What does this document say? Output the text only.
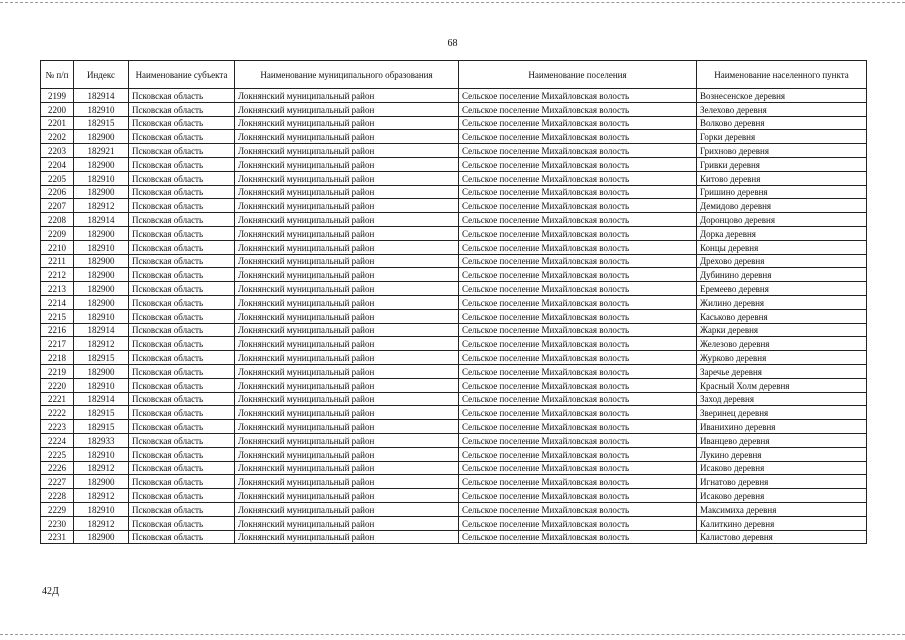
68
№ п/п	Индекс	Наименование субъекта	Наименование муниципального образования	Наименование поселения	Наименование населенного пункта
2199	182914	Псковская область	Локнянский муниципальный район	Сельское поселение Михайловская волость	Вознесенское деревня
2200	182910	Псковская область	Локнянский муниципальный район	Сельское поселение Михайловская волость	Зелехово деревня
2201	182915	Псковская область	Локнянский муниципальный район	Сельское поселение Михайловская волость	Волково деревня
2202	182900	Псковская область	Локнянский муниципальный район	Сельское поселение Михайловская волость	Горки деревня
2203	182921	Псковская область	Локнянский муниципальный район	Сельское поселение Михайловская волость	Грихново деревня
2204	182900	Псковская область	Локнянский муниципальный район	Сельское поселение Михайловская волость	Гривки деревня
2205	182910	Псковская область	Локнянский муниципальный район	Сельское поселение Михайловская волость	Китово деревня
2206	182900	Псковская область	Локнянский муниципальный район	Сельское поселение Михайловская волость	Гришино деревня
2207	182912	Псковская область	Локнянский муниципальный район	Сельское поселение Михайловская волость	Демидово деревня
2208	182914	Псковская область	Локнянский муниципальный район	Сельское поселение Михайловская волость	Доронцово деревня
2209	182900	Псковская область	Локнянский муниципальный район	Сельское поселение Михайловская волость	Дорка деревня
2210	182910	Псковская область	Локнянский муниципальный район	Сельское поселение Михайловская волость	Концы деревня
2211	182900	Псковская область	Локнянский муниципальный район	Сельское поселение Михайловская волость	Дрехово деревня
2212	182900	Псковская область	Локнянский муниципальный район	Сельское поселение Михайловская волость	Дубинино деревня
2213	182900	Псковская область	Локнянский муниципальный район	Сельское поселение Михайловская волость	Еремеево деревня
2214	182900	Псковская область	Локнянский муниципальный район	Сельское поселение Михайловская волость	Жилино деревня
2215	182910	Псковская область	Локнянский муниципальный район	Сельское поселение Михайловская волость	Каськово деревня
2216	182914	Псковская область	Локнянский муниципальный район	Сельское поселение Михайловская волость	Жарки деревня
2217	182912	Псковская область	Локнянский муниципальный район	Сельское поселение Михайловская волость	Железово деревня
2218	182915	Псковская область	Локнянский муниципальный район	Сельское поселение Михайловская волость	Журково деревня
2219	182900	Псковская область	Локнянский муниципальный район	Сельское поселение Михайловская волость	Заречье деревня
2220	182910	Псковская область	Локнянский муниципальный район	Сельское поселение Михайловская волость	Красный Холм деревня
2221	182914	Псковская область	Локнянский муниципальный район	Сельское поселение Михайловская волость	Заход деревня
2222	182915	Псковская область	Локнянский муниципальный район	Сельское поселение Михайловская волость	Звеpинец деревня
2223	182915	Псковская область	Локнянский муниципальный район	Сельское поселение Михайловская волость	Иванихино деревня
2224	182933	Псковская область	Локнянский муниципальный район	Сельское поселение Михайловская волость	Иванцево деревня
2225	182910	Псковская область	Локнянский муниципальный район	Сельское поселение Михайловская волость	Лукино деревня
2226	182912	Псковская область	Локнянский муниципальный район	Сельское поселение Михайловская волость	Исаково деревня
2227	182900	Псковская область	Локнянский муниципальный район	Сельское поселение Михайловская волость	Игнатово деревня
2228	182912	Псковская область	Локнянский муниципальный район	Сельское поселение Михайловская волость	Исаково деревня
2229	182910	Псковская область	Локнянский муниципальный район	Сельское поселение Михайловская волость	Максимиха деревня
2230	182912	Псковская область	Локнянский муниципальный район	Сельское поселение Михайловская волость	Калиткино деревня
2231	182900	Псковская область	Локнянский муниципальный район	Сельское поселение Михайловская волость	Калистово деревня
42Д
